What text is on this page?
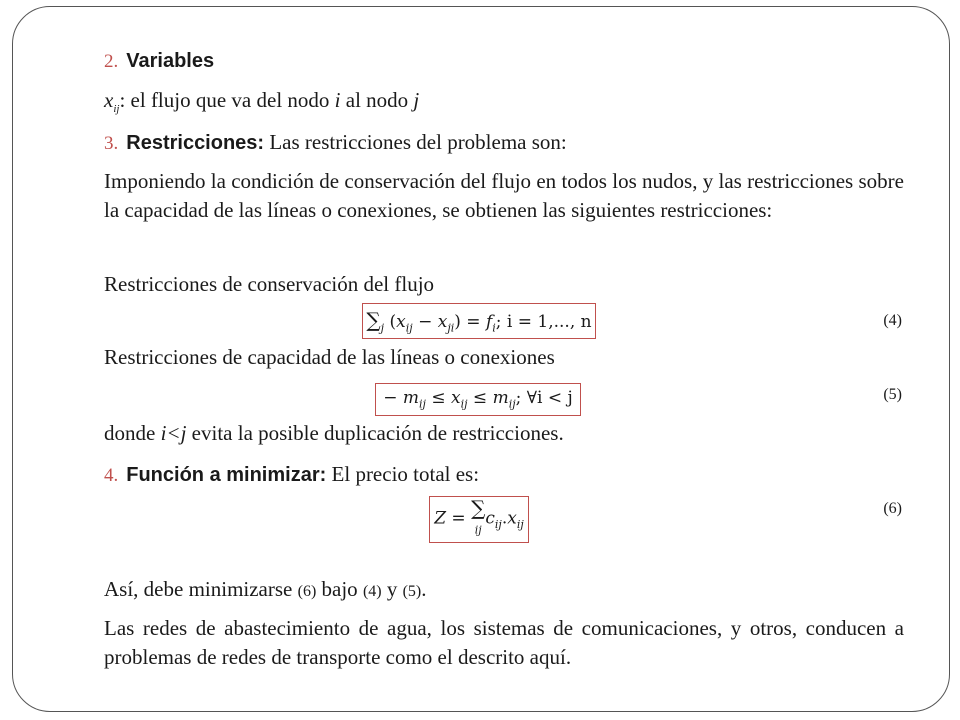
2. Variables
$x_{ij}$: el flujo que va del nodo i al nodo j
3. Restricciones: Las restricciones del problema son:
Imponiendo la condición de conservación del flujo en todos los nudos, y las restricciones sobre la capacidad de las líneas o conexiones, se obtienen las siguientes restricciones:
Restricciones de conservación del flujo
$\sum_j$ $(x_{ij} - x_{ji}) = f_i$; i = 1,..., n	(4)
Restricciones de capacidad de las líneas o conexiones
− $m_{ij} \le x_{ij} \le m_{ij}$; ∀i < j	(5)
donde i<j evita la posible duplicación de restricciones.
4. Función a minimizar: El precio total es:
Z = ∑
$_{ij}c_{ij}.x_{ij}$
(6)
Así, debe minimizarse (6) bajo (4) y (5).
Las redes de abastecimiento de agua, los sistemas de comunicaciones, y otros, conducen a problemas de redes de transporte como el descrito aquí.
